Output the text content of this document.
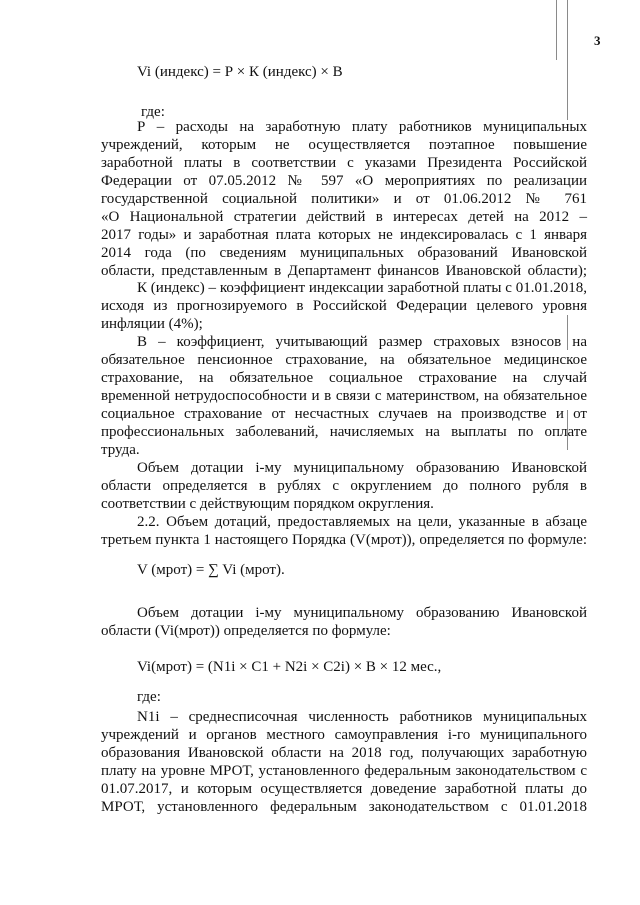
3
Vi (индекс) = Р × К (индекс) × В
где:
Р – расходы на заработную плату работников муниципальных
учреждений, которым не осуществляется поэтапное повышение
заработной платы в соответствии с указами Президента Российской
Федерации от 07.05.2012 № 597 «О мероприятиях по реализации
государственной социальной политики» и от 01.06.2012 № 761
«О Национальной стратегии действий в интересах детей на 2012 –
2017 годы» и заработная плата которых не индексировалась с 1 января
2014 года (по сведениям муниципальных образований Ивановской
области, представленным в Департамент финансов Ивановской области);
К (индекс) – коэффициент индексации заработной платы с 01.01.2018,
исходя из прогнозируемого в Российской Федерации целевого уровня
инфляции (4%);
В – коэффициент, учитывающий размер страховых взносов на
обязательное пенсионное страхование, на обязательное медицинское
страхование, на обязательное социальное страхование на случай
временной нетрудоспособности и в связи с материнством, на обязательное
социальное страхование от несчастных случаев на производстве и от
профессиональных заболеваний, начисляемых на выплаты по оплате
труда.
Объем дотации i-му муниципальному образованию Ивановской
области определяется в рублях с округлением до полного рубля в
соответствии с действующим порядком округления.
2.2. Объем дотаций, предоставляемых на цели, указанные в абзаце
третьем пункта 1 настоящего Порядка (V(мрот)), определяется по формуле:
V (мрот) = ∑ Vi (мрот).
Объем дотации i-му муниципальному образованию Ивановской
области (Vi(мрот)) определяется по формуле:
Vi(мрот) = (N1i × C1 + N2i × C2i) × В × 12 мес.,
где:
N1i – среднесписочная численность работников муниципальных
учреждений и органов местного самоуправления i-го муниципального
образования Ивановской области на 2018 год, получающих заработную
плату на уровне МРОТ, установленного федеральным законодательством с
01.07.2017, и которым осуществляется доведение заработной платы до
МРОТ, установленного федеральным законодательством с 01.01.2018
